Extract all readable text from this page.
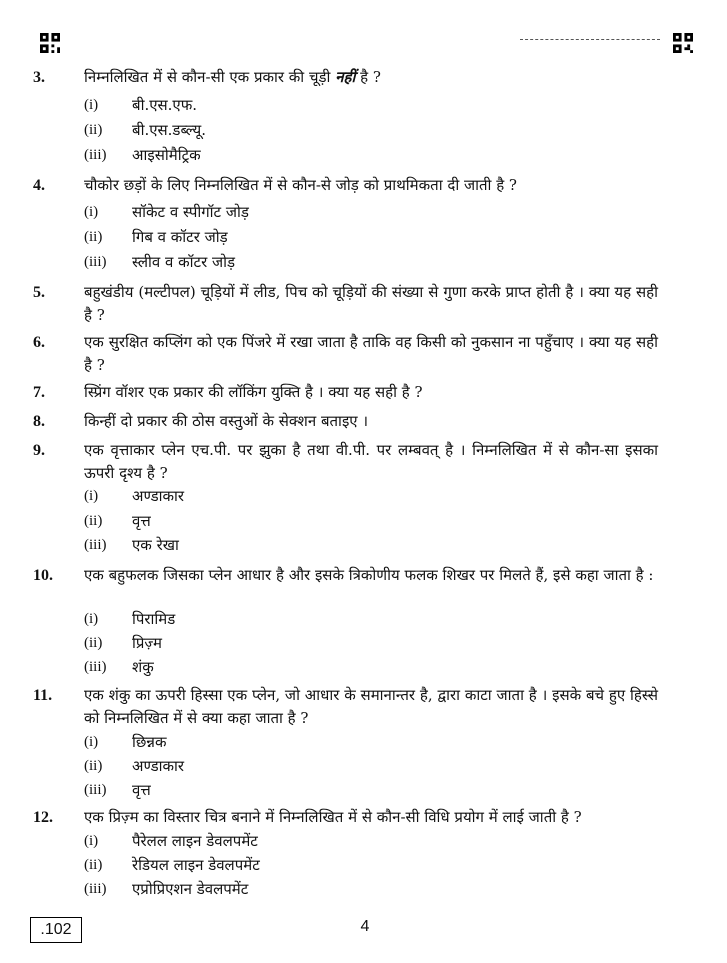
3.	निम्नलिखित में से कौन-सी एक प्रकार की चूड़ी नहीं है ?
(i) बी.एस.एफ.
(ii) बी.एस.डब्ल्यू.
(iii) आइसोमैट्रिक
4.	चौकोर छड़ों के लिए निम्नलिखित में से कौन-से जोड़ को प्राथमिकता दी जाती है ?
(i) सॉकेट व स्पीगॉट जोड़
(ii) गिब व कॉटर जोड़
(iii) स्लीव व कॉटर जोड़
5.	बहुखंडीय (मल्टीपल) चूड़ियों में लीड, पिच को चूड़ियों की संख्या से गुणा करके प्राप्त होती है । क्या यह सही है ?
6.	एक सुरक्षित कप्लिंग को एक पिंजरे में रखा जाता है ताकि वह किसी को नुकसान ना पहुँचाए । क्या यह सही है ?
7.	स्प्रिंग वॉशर एक प्रकार की लॉकिंग युक्ति है । क्या यह सही है ?
8.	किन्हीं दो प्रकार की ठोस वस्तुओं के सेक्शन बताइए ।
9.	एक वृत्ताकार प्लेन एच.पी. पर झुका है तथा वी.पी. पर लम्बवत् है । निम्नलिखित में से कौन-सा इसका ऊपरी दृश्य है ?
(i) अण्डाकार
(ii) वृत्त
(iii) एक रेखा
10. एक बहुफलक जिसका प्लेन आधार है और इसके त्रिकोणीय फलक शिखर पर मिलते हैं, इसे कहा जाता है :
(i) पिरामिड
(ii) प्रिज़्म
(iii) शंकु
11. एक शंकु का ऊपरी हिस्सा एक प्लेन, जो आधार के समानान्तर है, द्वारा काटा जाता है । इसके बचे हुए हिस्से को निम्नलिखित में से क्या कहा जाता है ?
(i) छिन्नक
(ii) अण्डाकार
(iii) वृत्त
12. एक प्रिज़्म का विस्तार चित्र बनाने में निम्नलिखित में से कौन-सी विधि प्रयोग में लाई जाती है ?
(i) पैरेलल लाइन डेवलपमेंट
(ii) रेडियल लाइन डेवलपमेंट
(iii) एप्रोप्रिएशन डेवलपमेंट
.102	4
